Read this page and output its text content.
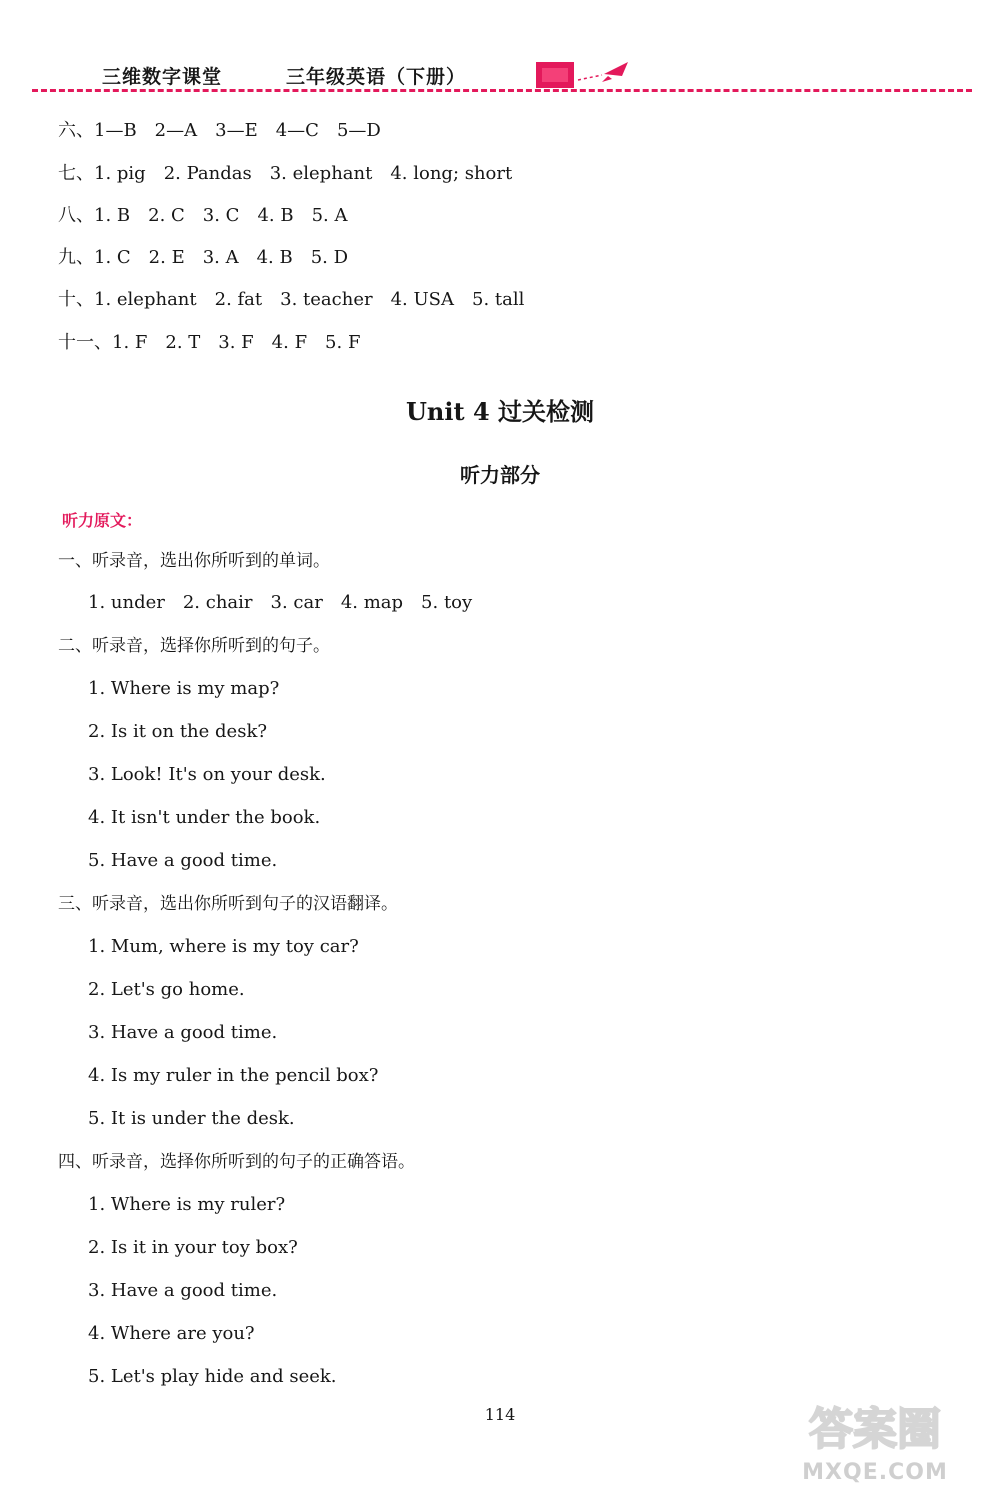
三维数字课堂	三年级英语（下册）
六、1—B　2—A　3—E　4—C　5—D
七、1. pig　2. Pandas　3. elephant　4. long; short
八、1. B　2. C　3. C　4. B　5. A
九、1. C　2. E　3. A　4. B　5. D
十、1. elephant　2. fat　3. teacher　4. USA　5. tall
十一、1. F　2. T　3. F　4. F　5. F
Unit 4 过关检测
听力部分
听力原文：
一、听录音，选出你所听到的单词。
1. under　2. chair　3. car　4. map　5. toy
二、听录音，选择你所听到的句子。
1. Where is my map?
2. Is it on the desk?
3. Look! It's on your desk.
4. It isn't under the book.
5. Have a good time.
三、听录音，选出你所听到句子的汉语翻译。
1. Mum, where is my toy car?
2. Let's go home.
3. Have a good time.
4. Is my ruler in the pencil box?
5. It is under the desk.
四、听录音，选择你所听到的句子的正确答语。
1. Where is my ruler?
2. Is it in your toy box?
3. Have a good time.
4. Where are you?
5. Let's play hide and seek.
114	答案圈
MXQE.COM
